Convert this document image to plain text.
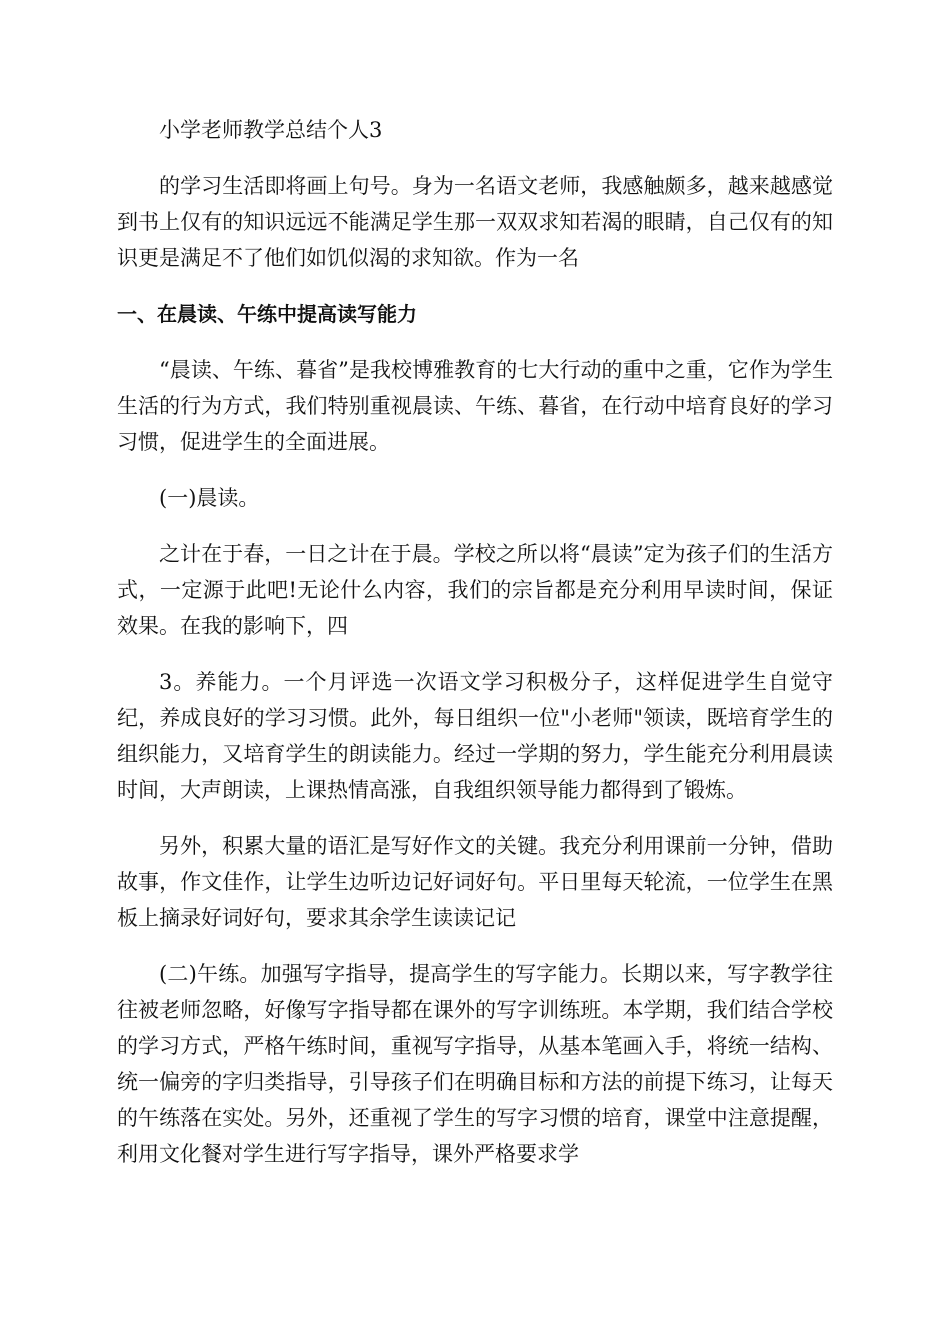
小学老师教学总结个人3

的学习生活即将画上句号。身为一名语文老师，我感触颇多，越来越感觉到书上仅有的知识远远不能满足学生那一双双求知若渴的眼睛，自己仅有的知识更是满足不了他们如饥似渴的求知欲。作为一名

一、在晨读、午练中提高读写能力

“晨读、午练、暮省”是我校博雅教育的七大行动的重中之重，它作为学生生活的行为方式，我们特别重视晨读、午练、暮省，在行动中培育良好的学习习惯，促进学生的全面进展。

(一)晨读。

之计在于春，一日之计在于晨。学校之所以将“晨读”定为孩子们的生活方式，一定源于此吧!无论什么内容，我们的宗旨都是充分利用早读时间，保证效果。在我的影响下，四

3。养能力。一个月评选一次语文学习积极分子，这样促进学生自觉守纪，养成良好的学习习惯。此外，每日组织一位"小老师"领读，既培育学生的组织能力，又培育学生的朗读能力。经过一学期的努力，学生能充分利用晨读时间，大声朗读，上课热情高涨，自我组织领导能力都得到了锻炼。

另外，积累大量的语汇是写好作文的关键。我充分利用课前一分钟，借助故事，作文佳作，让学生边听边记好词好句。平日里每天轮流，一位学生在黑板上摘录好词好句，要求其余学生读读记记

(二)午练。加强写字指导，提高学生的写字能力。长期以来，写字教学往往被老师忽略，好像写字指导都在课外的写字训练班。本学期，我们结合学校的学习方式，严格午练时间，重视写字指导，从基本笔画入手，将统一结构、统一偏旁的字归类指导，引导孩子们在明确目标和方法的前提下练习，让每天的午练落在实处。另外，还重视了学生的写字习惯的培育，课堂中注意提醒，利用文化餐对学生进行写字指导，课外严格要求学
